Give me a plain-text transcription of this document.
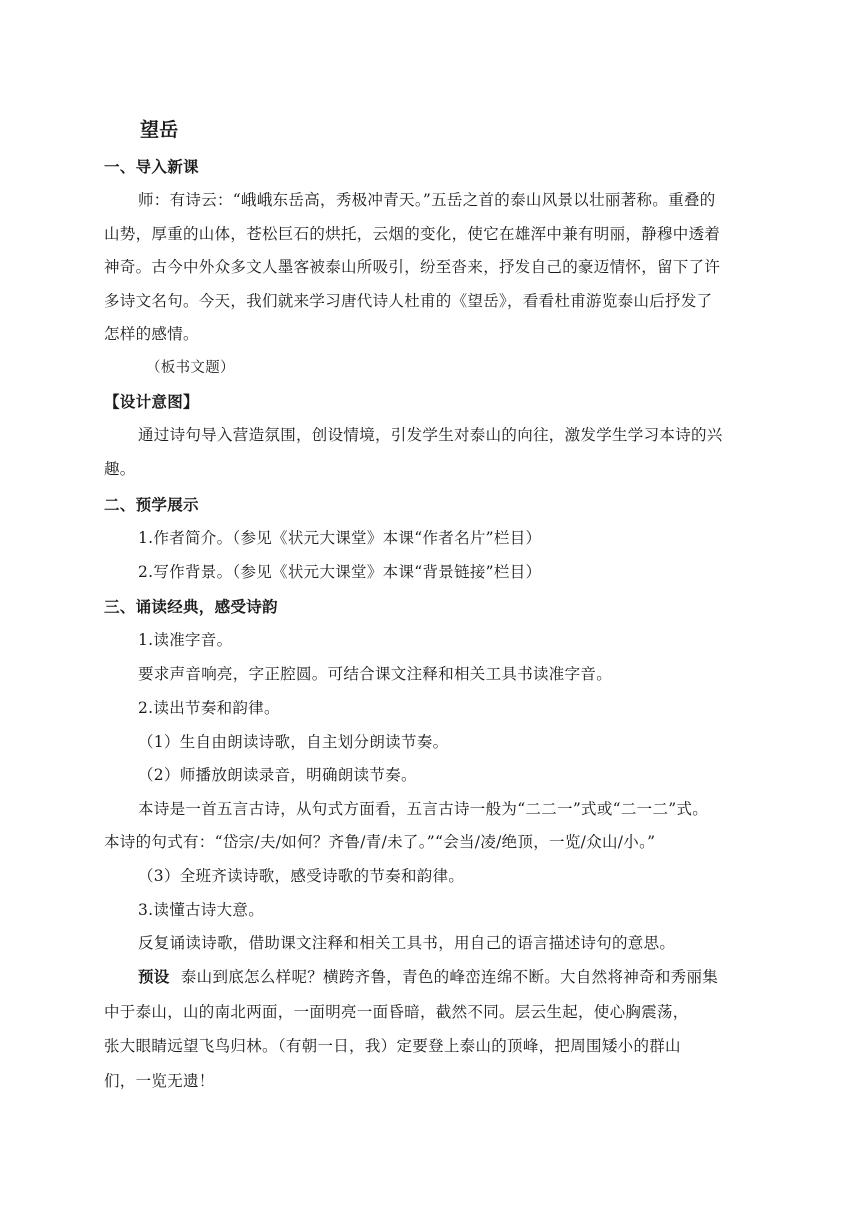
望岳
一、导入新课
师：有诗云：“峨峨东岳高，秀极冲青天。”五岳之首的泰山风景以壮丽著称。重叠的
山势，厚重的山体，苍松巨石的烘托，云烟的变化，使它在雄浑中兼有明丽，静穆中透着
神奇。古今中外众多文人墨客被泰山所吸引，纷至沓来，抒发自己的豪迈情怀，留下了许
多诗文名句。今天，我们就来学习唐代诗人杜甫的《望岳》，看看杜甫游览泰山后抒发了
怎样的感情。
（板书文题）
【设计意图】
通过诗句导入营造氛围，创设情境，引发学生对泰山的向往，激发学生学习本诗的兴
趣。
二、预学展示
1.作者简介。（参见《状元大课堂》本课“作者名片”栏目）
2.写作背景。（参见《状元大课堂》本课“背景链接”栏目）
三、诵读经典，感受诗韵
1.读准字音。
要求声音响亮，字正腔圆。可结合课文注释和相关工具书读准字音。
2.读出节奏和韵律。
（1）生自由朗读诗歌，自主划分朗读节奏。
（2）师播放朗读录音，明确朗读节奏。
本诗是一首五言古诗，从句式方面看，五言古诗一般为“二二一”式或“二一二”式。
本诗的句式有：“岱宗/夫/如何？齐鲁/青/未了。”“会当/凌/绝顶，一览/众山/小。”
（3）全班齐读诗歌，感受诗歌的节奏和韵律。
3.读懂古诗大意。
反复诵读诗歌，借助课文注释和相关工具书，用自己的语言描述诗句的意思。
预设 泰山到底怎么样呢？横跨齐鲁，青色的峰峦连绵不断。大自然将神奇和秀丽集
中于泰山，山的南北两面，一面明亮一面昏暗，截然不同。层云生起，使心胸震荡，
张大眼睛远望飞鸟归林。（有朝一日，我）定要登上泰山的顶峰，把周围矮小的群山
们，一览无遗！
